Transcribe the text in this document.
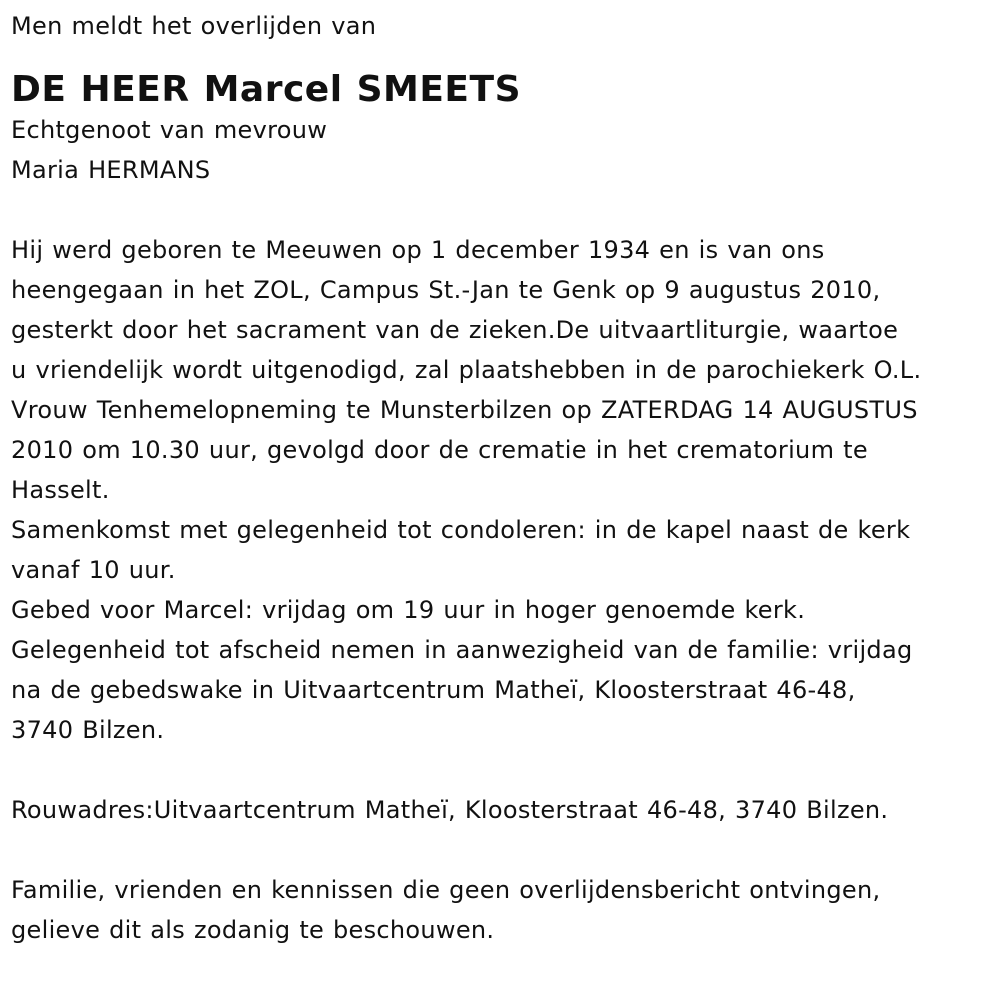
Men meldt het overlijden van
DE HEER Marcel SMEETS
Echtgenoot van mevrouw
Maria HERMANS
Hij werd geboren te Meeuwen op 1 december 1934 en is van ons
heengegaan in het ZOL, Campus St.-Jan te Genk op 9 augustus 2010,
gesterkt door het sacrament van de zieken.De uitvaartliturgie, waartoe
u vriendelijk wordt uitgenodigd, zal plaatshebben in de parochiekerk O.L.
Vrouw Tenhemelopneming te Munsterbilzen op ZATERDAG 14 AUGUSTUS
2010 om 10.30 uur, gevolgd door de crematie in het crematorium te
Hasselt.
Samenkomst met gelegenheid tot condoleren: in de kapel naast de kerk
vanaf 10 uur.
Gebed voor Marcel: vrijdag om 19 uur in hoger genoemde kerk.
Gelegenheid tot afscheid nemen in aanwezigheid van de familie: vrijdag
na de gebedswake in Uitvaartcentrum Matheï, Kloosterstraat 46-48,
3740 Bilzen.
Rouwadres:Uitvaartcentrum Matheï, Kloosterstraat 46-48, 3740 Bilzen.
Familie, vrienden en kennissen die geen overlijdensbericht ontvingen,
gelieve dit als zodanig te beschouwen.
